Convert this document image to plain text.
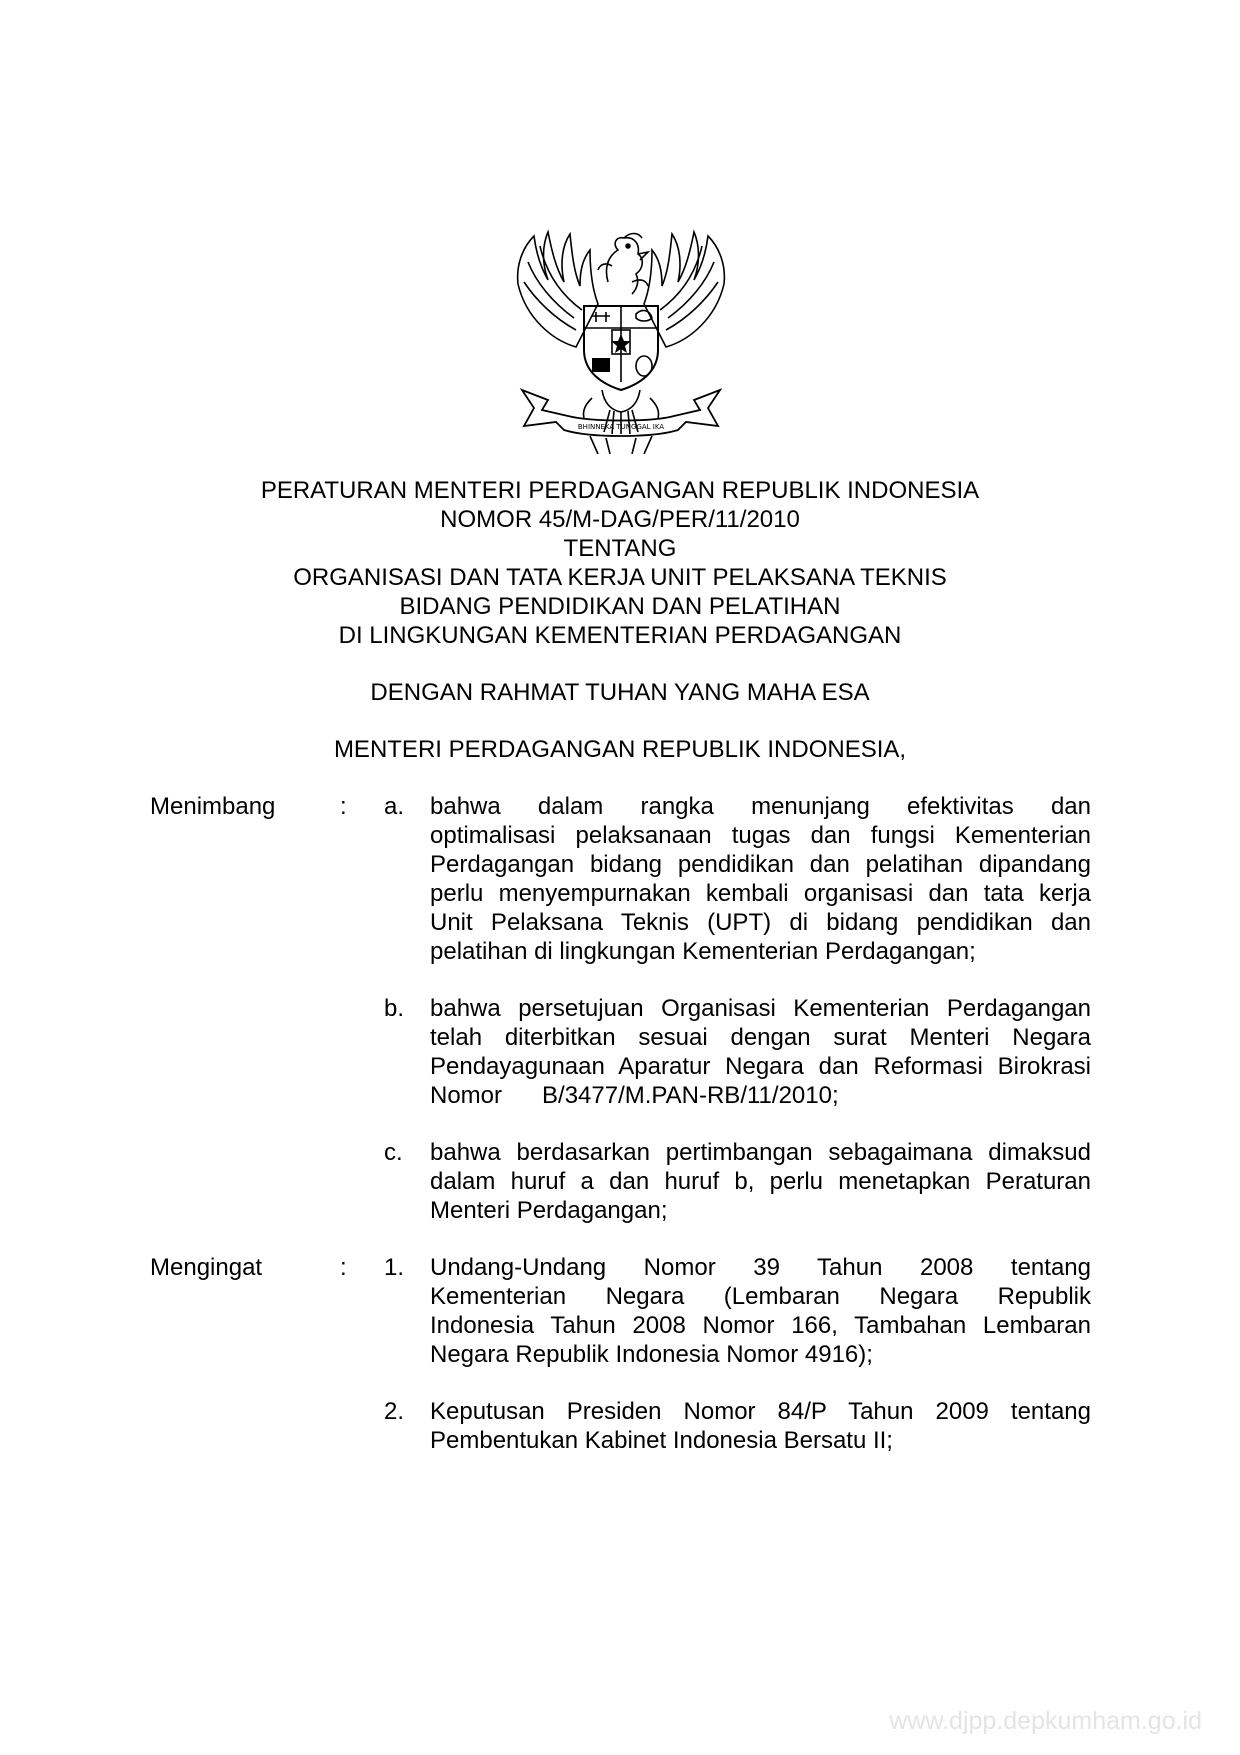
BHINNEKA TUNGGAL IKA
PERATURAN MENTERI PERDAGANGAN REPUBLIK INDONESIA
NOMOR 45/M-DAG/PER/11/2010
TENTANG
ORGANISASI DAN TATA KERJA UNIT PELAKSANA TEKNIS
BIDANG PENDIDIKAN DAN PELATIHAN
DI LINGKUNGAN KEMENTERIAN PERDAGANGAN
DENGAN RAHMAT TUHAN YANG MAHA ESA
MENTERI PERDAGANGAN REPUBLIK INDONESIA,
Menimbang	: a. bahwa dalam rangka menunjang efektivitas dan
optimalisasi pelaksanaan tugas dan fungsi Kementerian
Perdagangan bidang pendidikan dan pelatihan dipandang
perlu menyempurnakan kembali organisasi dan tata kerja
Unit Pelaksana Teknis (UPT) di bidang pendidikan dan
pelatihan di lingkungan Kementerian Perdagangan;
b. bahwa persetujuan Organisasi Kementerian Perdagangan
telah diterbitkan sesuai dengan surat Menteri Negara
Pendayagunaan Aparatur Negara dan Reformasi Birokrasi
Nomor      B/3477/M.PAN-RB/11/2010;
c. bahwa berdasarkan pertimbangan sebagaimana dimaksud
dalam huruf a dan huruf b, perlu menetapkan Peraturan
Menteri Perdagangan;
Mengingat	: 1. Undang-Undang Nomor 39 Tahun 2008 tentang
Kementerian Negara (Lembaran Negara Republik
Indonesia Tahun 2008 Nomor 166, Tambahan Lembaran
Negara Republik Indonesia Nomor 4916);
2. Keputusan Presiden Nomor 84/P Tahun 2009 tentang
Pembentukan Kabinet Indonesia Bersatu II;
www.djpp.depkumham.go.id
